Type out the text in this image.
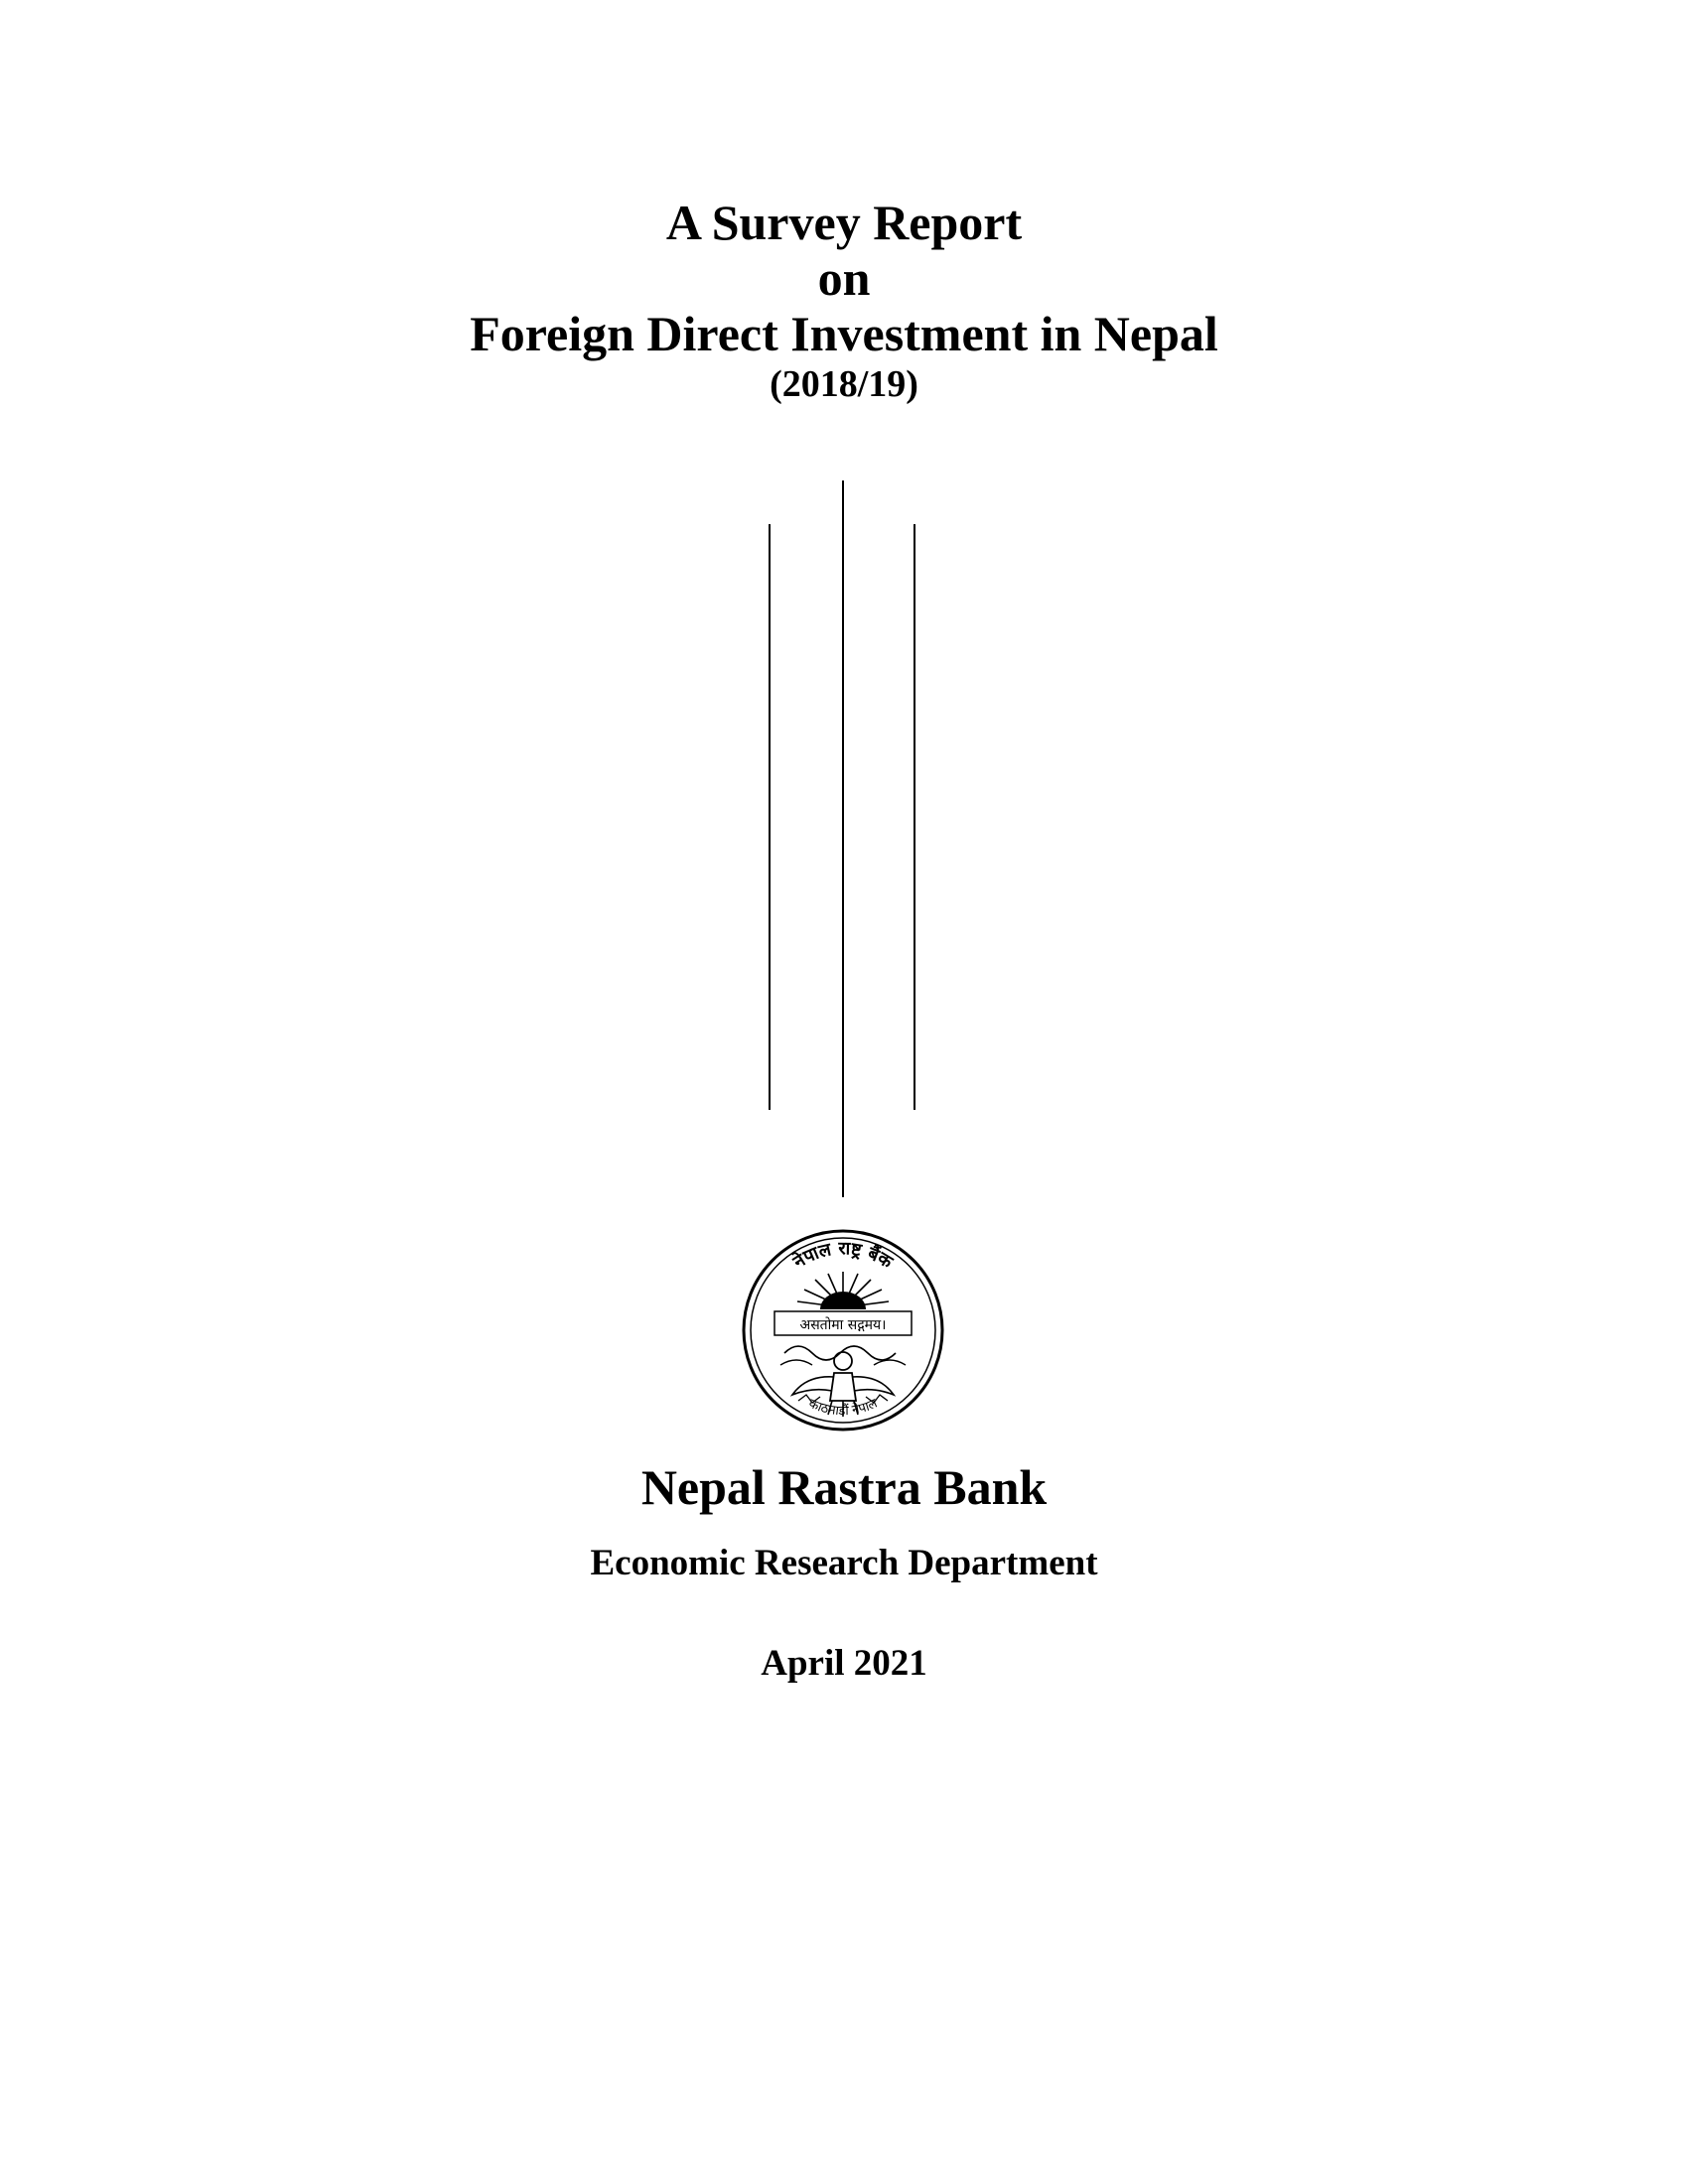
A Survey Report
on
Foreign Direct Investment in Nepal
(2018/19)
नेपाल राष्ट्र बैंक
असतोमा सद्गमय।
काठमाडौं नेपाल
Nepal Rastra Bank
Economic Research Department
April 2021
